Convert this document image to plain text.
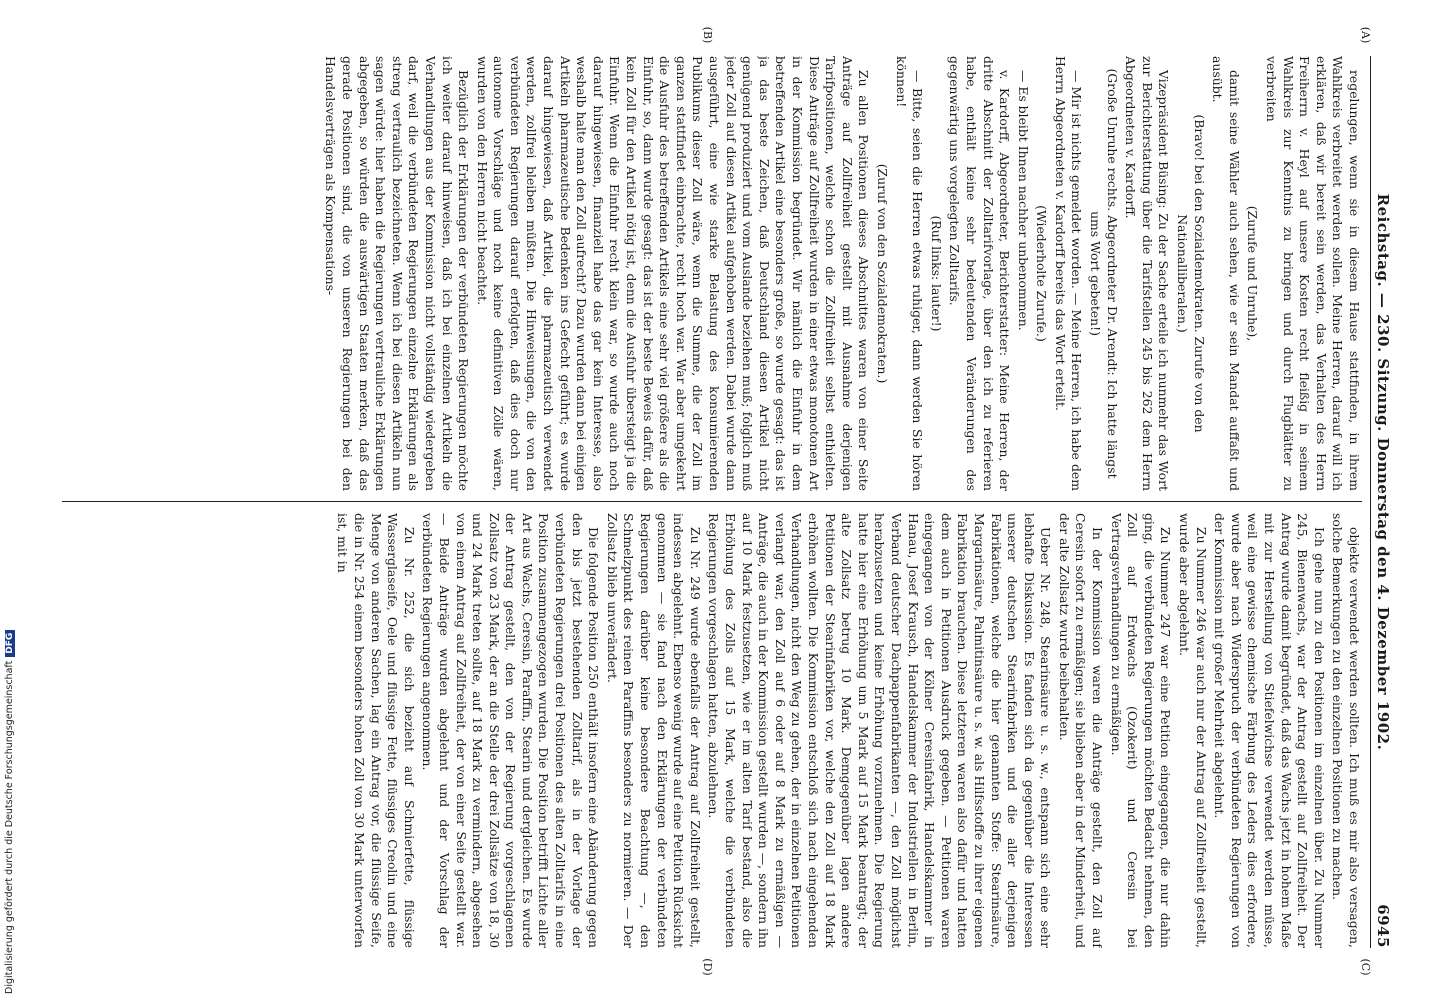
Reichstag. — 230. Sitzung. Donnerstag den 4. Dezember 1902.
6945

regelungen, wenn sie in diesem Hause stattfinden, in ihrem Wahlkreis verbreitet werden sollen. Meine Herren, darauf will ich erklären, daß wir bereit sein werden, das Verhalten des Herrn Freiherrn v. Heyl auf unsere Kosten recht fleißig in seinem Wahlkreis zur Kenntnis zu bringen und durch Flugblätter zu verbreiten

(Zurufe und Unruhe),

damit seine Wähler auch sehen, wie er sein Mandat auffaßt und ausübt.

(Bravo! bei den Sozialdemokraten. Zurufe von den Nationalliberalen.)

Vizepräsident Büsing: Zu der Sache erteile ich nunmehr das Wort zur Berichterstattung über die Tarifstellen 245 bis 262 dem Herrn Abgeordneten v. Kardorff.

(Große Unruhe rechts. Abgeordneter Dr. Arendt: Ich hatte längst ums Wort gebeten!)

— Mir ist nichts gemeldet worden. — Meine Herren, ich habe dem Herrn Abgeordneten v. Kardorff bereits das Wort erteilt.

(Wiederholte Zurufe.)

— Es bleibt Ihnen nachher unbenommen.

v. Kardorff, Abgeordneter, Berichterstatter: Meine Herren, der dritte Abschnitt der Zolltarifvorlage, über den ich zu referieren habe, enthält keine sehr bedeutenden Veränderungen des gegenwärtig uns vorgelegten Zolltarifs.

(Ruf links: lauter!)

— Bitte, seien die Herren etwas ruhiger, dann werden Sie hören können!

(Zuruf von den Sozialdemokraten.)

Zu allen Positionen dieses Abschnittes waren von einer Seite Anträge auf Zollfreiheit gestellt mit Ausnahme derjenigen Tarifpositionen, welche schon die Zollfreiheit selbst enthielten. Diese Anträge auf Zollfreiheit wurden in einer etwas monotonen Art in der Kommission begründet. Wir nämlich die Einfuhr in dem betreffenden Artikel eine besonders große, so wurde gesagt: das ist ja das beste Zeichen, daß Deutschland diesen Artikel nicht genügend produziert und vom Auslande beziehen muß; folglich muß jeder Zoll auf diesen Artikel aufgehoben werden. Dabei wurde dann ausgeführt, eine wie starke Belastung des konsumierenden Publikums dieser Zoll wäre, wenn die Summe, die der Zoll im ganzen stattfindet einbrachte, recht hoch war. War aber umgekehrt die Ausfuhr des betreffenden Artikels eine sehr viel größere als die Einfuhr, so, dann wurde gesagt: das ist der beste Beweis dafür, daß kein Zoll für den Artikel nötig ist, denn die Ausfuhr übersteigt ja die Einfuhr. Wenn die Einfuhr recht klein war, so wurde auch noch darauf hingewiesen, finanziell habe das gar kein Interesse, also weshalb halte man den Zoll aufrecht? Dazu wurden dann bei einigen Artikeln pharmazeutische Bedenken ins Gefecht geführt; es wurde darauf hingewiesen, daß Artikel, die pharmazeutisch verwendet werden, zollfrei bleiben müßten. Die Hinweisungen, die von den verbündeten Regierungen darauf erfolgten, daß dies doch nur autonome Vorschläge und noch keine definitiven Zölle wären, wurden von den Herren nicht beachtet.

Bezüglich der Erklärungen der verbündeten Regierungen möchte ich weiter darauf hinweisen, daß ich bei einzelnen Artikeln die Verhandlungen aus der Kommission nicht vollständig wiedergeben darf, weil die verbündeten Regierungen einzelne Erklärungen als streng vertraulich bezeichneten. Wenn ich bei diesen Artikeln nun sagen würde: hier haben die Regierungen vertrauliche Erklärungen abgegeben, so würden die auswärtigen Staaten merken, daß das gerade Positionen sind, die von unseren Regierungen bei den Handelsverträgen als Kompensations-

objekte verwendet werden sollten. Ich muß es mir also versagen, solche Bemerkungen zu den einzelnen Positionen zu machen.

Ich gehe nun zu den Positionen im einzelnen über. Zu Nummer 245, Bienenwachs, war der Antrag gestellt auf Zollfreiheit. Der Antrag wurde damit begründet, daß das Wachs jetzt in hohem Maße mit zur Herstellung von Stiefelwichse verwendet werden müsse, weil eine gewisse chemische Färbung des Leders dies erfordere, wurde aber nach Widerspruch der verbündeten Regierungen von der Kommission mit großer Mehrheit abgelehnt.

Zu Nummer 246 war auch nur der Antrag auf Zollfreiheit gestellt, wurde aber abgelehnt.

Zu Nummer 247 war eine Petition eingegangen, die nur dahin ging, die verbündeten Regierungen möchten Bedacht nehmen, den Zoll auf Erdwachs (Ozokerit) und Ceresin bei Vertragsverhandlungen zu ermäßigen.

In der Kommission waren die Anträge gestellt, den Zoll auf Ceresin sofort zu ermäßigen; sie blieben aber in der Minderheit, und der alte Zollsatz wurde beibehalten.

Ueber Nr. 248, Stearinsäure u. s. w., entspann sich eine sehr lebhafte Diskussion. Es fanden sich da gegenüber die Interessen unserer deutschen Stearinfabriken und die aller derjenigen Fabrikationen, welche die hier genannten Stoffe: Stearinsäure, Margarinsäure, Palmitinsäure u. s. w. als Hilfsstoffe zu ihrer eigenen Fabrikation brauchen. Diese letzteren waren also dafür und hatten dem auch in Petitionen Ausdruck gegeben. — Petitionen waren eingegangen von der Kölner Ceresinfabrik, Handelskammer in Hanau, Josef Krausch, Handelskammer der Industriellen in Berlin, Verband deutscher Dachpappenfabrikanten —, den Zoll möglichst herabzusetzen und keine Erhöhung vorzunehmen. Die Regierung hatte hier eine Erhöhung um 5 Mark auf 15 Mark beantragt; der alte Zollsatz betrug 10 Mark. Demgegenüber lagen andere Petitionen der Stearinfabriken vor, welche den Zoll auf 18 Mark erhöhen wollten. Die Kommission entschloß sich nach eingehenden Verhandlungen, nicht den Weg zu gehen, der in einzelnen Petitionen verlangt war, den Zoll auf 6 oder auf 8 Mark zu ermäßigen — Anträge, die auch in der Kommission gestellt wurden —, sondern ihn auf 10 Mark festzusetzen, wie er im alten Tarif bestand, also die Erhöhung des Zolls auf 15 Mark, welche die verbündeten Regierungen vorgeschlagen hatten, abzulehnen.

Zu Nr. 249 wurde ebenfalls der Antrag auf Zollfreiheit gestellt, indessen abgelehnt. Ebenso wenig wurde auf eine Petition Rücksicht genommen — sie fand nach den Erklärungen der verbündeten Regierungen darüber keine besondere Beachtung —, den Schmelzpunkt des reinen Paraffins besonders zu normieren. — Der Zollsatz blieb unverändert.

Die folgende Position 250 enthält insofern eine Abänderung gegen den bis jetzt bestehenden Zolltarif, als in der Vorlage der verbündeten Regierungen drei Positionen des alten Zolltarifs in eine Position zusammengezogen wurden. Die Position betrifft Lichte aller Art aus Wachs, Ceresin, Paraffin, Stearin und dergleichen. Es wurde der Antrag gestellt, den von der Regierung vorgeschlagenen Zollsatz von 23 Mark, der an die Stelle der drei Zollsätze von 18, 30 und 24 Mark treten sollte, auf 18 Mark zu vermindern, abgesehen von einem Antrag auf Zollfreiheit, der von einer Seite gestellt war. — Beide Anträge wurden abgelehnt und der Vorschlag der verbündeten Regierungen angenommen.

Zu Nr. 252, die sich bezieht auf Schmierfette, flüssige Wasserglaseife, Oele und flüssige Fette, flüssiges Creolin und eine Menge von anderen Sachen, lag ein Antrag vor, die flüssige Seife, die in Nr. 254 einem besonders hohen Zoll von 30 Mark unterworfen ist, mit in

(A)
(B)
(C)
(D)
Digitalisierung gefördert durch die Deutsche ForschungsgemeinschaftDFG
